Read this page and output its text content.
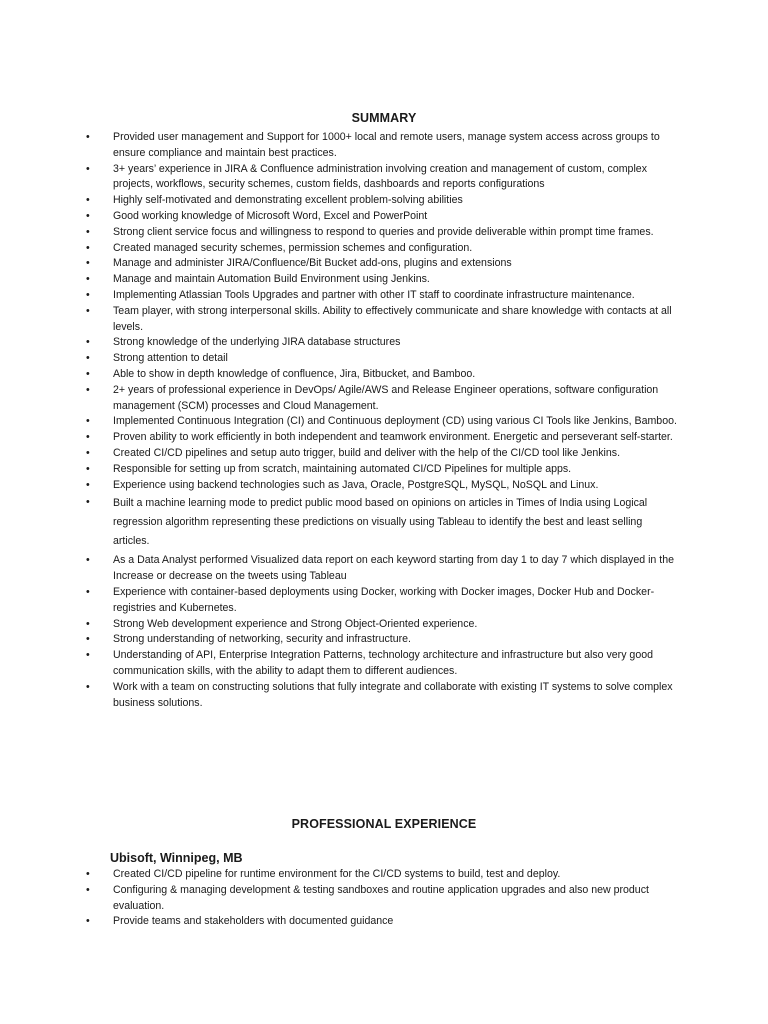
SUMMARY
• Provided user management and Support for 1000+ local and remote users, manage system access across groups to ensure compliance and maintain best practices.
• 3+ years’ experience in JIRA & Confluence administration involving creation and management of custom, complex projects, workflows, security schemes, custom fields, dashboards and reports configurations
• Highly self-motivated and demonstrating excellent problem-solving abilities
• Good working knowledge of Microsoft Word, Excel and PowerPoint
• Strong client service focus and willingness to respond to queries and provide deliverable within prompt time frames.
• Created managed security schemes, permission schemes and configuration.
• Manage and administer JIRA/Confluence/Bit Bucket add-ons, plugins and extensions
• Manage and maintain Automation Build Environment using Jenkins.
• Implementing Atlassian Tools Upgrades and partner with other IT staff to coordinate infrastructure maintenance.
• Team player, with strong interpersonal skills. Ability to effectively communicate and share knowledge with contacts at all levels.
• Strong knowledge of the underlying JIRA database structures
• Strong attention to detail
• Able to show in depth knowledge of confluence, Jira, Bitbucket, and Bamboo.
• 2+ years of professional experience in DevOps/ Agile/AWS and Release Engineer operations, software configuration management (SCM) processes and Cloud Management.
• Implemented Continuous Integration (CI) and Continuous deployment (CD) using various CI Tools like Jenkins, Bamboo.
• Proven ability to work efficiently in both independent and teamwork environment. Energetic and perseverant self-starter.
• Created CI/CD pipelines and setup auto trigger, build and deliver with the help of the CI/CD tool like Jenkins.
• Responsible for setting up from scratch, maintaining automated CI/CD Pipelines for multiple apps.
• Experience using backend technologies such as Java, Oracle, PostgreSQL, MySQL, NoSQL and Linux.
• Built a machine learning mode to predict public mood based on opinions on articles in Times of India using Logical regression algorithm representing these predictions on visually using Tableau to identify the best and least selling articles.
• As a Data Analyst performed Visualized data report on each keyword starting from day 1 to day 7 which displayed in the Increase or decrease on the tweets using Tableau
• Experience with container-based deployments using Docker, working with Docker images, Docker Hub and Docker-registries and Kubernetes.
• Strong Web development experience and Strong Object-Oriented experience.
• Strong understanding of networking, security and infrastructure.
• Understanding of API, Enterprise Integration Patterns, technology architecture and infrastructure but also very good communication skills, with the ability to adapt them to different audiences.
• Work with a team on constructing solutions that fully integrate and collaborate with existing IT systems to solve complex business solutions.
PROFESSIONAL EXPERIENCE
Ubisoft, Winnipeg, MB
• Created CI/CD pipeline for runtime environment for the CI/CD systems to build, test and deploy.
• Configuring & managing development & testing sandboxes and routine application upgrades and also new product evaluation.
• Provide teams and stakeholders with documented guidance
